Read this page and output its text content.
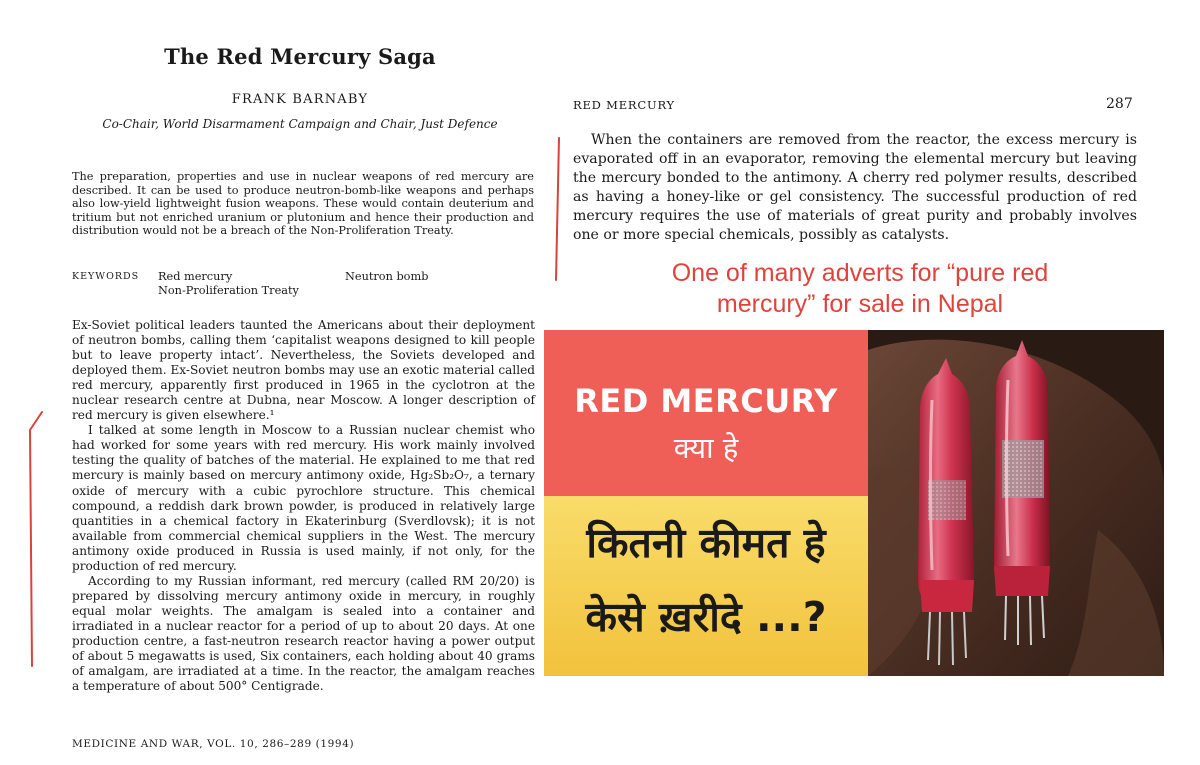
The Red Mercury Saga
FRANK BARNABY
Co-Chair, World Disarmament Campaign and Chair, Just Defence
The preparation, properties and use in nuclear weapons of red mercury are described. It can be used to produce neutron-bomb-like weapons and perhaps also low-yield lightweight fusion weapons. These would contain deuterium and tritium but not enriched uranium or plutonium and hence their production and distribution would not be a breach of the Non-Proliferation Treaty.
KEYWORDS Red mercury
Non-Proliferation Treaty
Neutron bomb

Ex-Soviet political leaders taunted the Americans about their deployment of neutron bombs, calling them ‘capitalist weapons designed to kill people but to leave property intact’. Nevertheless, the Soviets developed and deployed them. Ex-Soviet neutron bombs may use an exotic material called red mercury, apparently first produced in 1965 in the cyclotron at the nuclear research centre at Dubna, near Moscow. A longer description of red mercury is given elsewhere.¹

I talked at some length in Moscow to a Russian nuclear chemist who had worked for some years with red mercury. His work mainly involved testing the quality of batches of the material. He explained to me that red mercury is mainly based on mercury antimony oxide, Hg₂Sb₂O₇, a ternary oxide of mercury with a cubic pyrochlore structure. This chemical compound, a reddish dark brown powder, is produced in relatively large quantities in a chemical factory in Ekaterinburg (Sverdlovsk); it is not available from commercial chemical suppliers in the West. The mercury antimony oxide produced in Russia is used mainly, if not only, for the production of red mercury.

According to my Russian informant, red mercury (called RM 20/20) is prepared by dissolving mercury antimony oxide in mercury, in roughly equal molar weights. The amalgam is sealed into a container and irradiated in a nuclear reactor for a period of up to about 20 days. At one production centre, a fast-neutron research reactor having a power output of about 5 megawatts is used, Six containers, each holding about 40 grams of amalgam, are irradiated at a time. In the reactor, the amalgam reaches a temperature of about 500° Centigrade.

MEDICINE AND WAR, VOL. 10, 286–289 (1994)
RED MERCURY	287
When the containers are removed from the reactor, the excess mercury is evaporated off in an evaporator, removing the elemental mercury but leaving the mercury bonded to the antimony. A cherry red polymer results, described as having a honey-like or gel consistency. The successful production of red mercury requires the use of materials of great purity and probably involves one or more special chemicals, possibly as catalysts.
One of many adverts for “pure red
mercury” for sale in Nepal
RED MERCURY
क्या हे
कितनी कीमत हे
केसे ख़रीदे ...?
